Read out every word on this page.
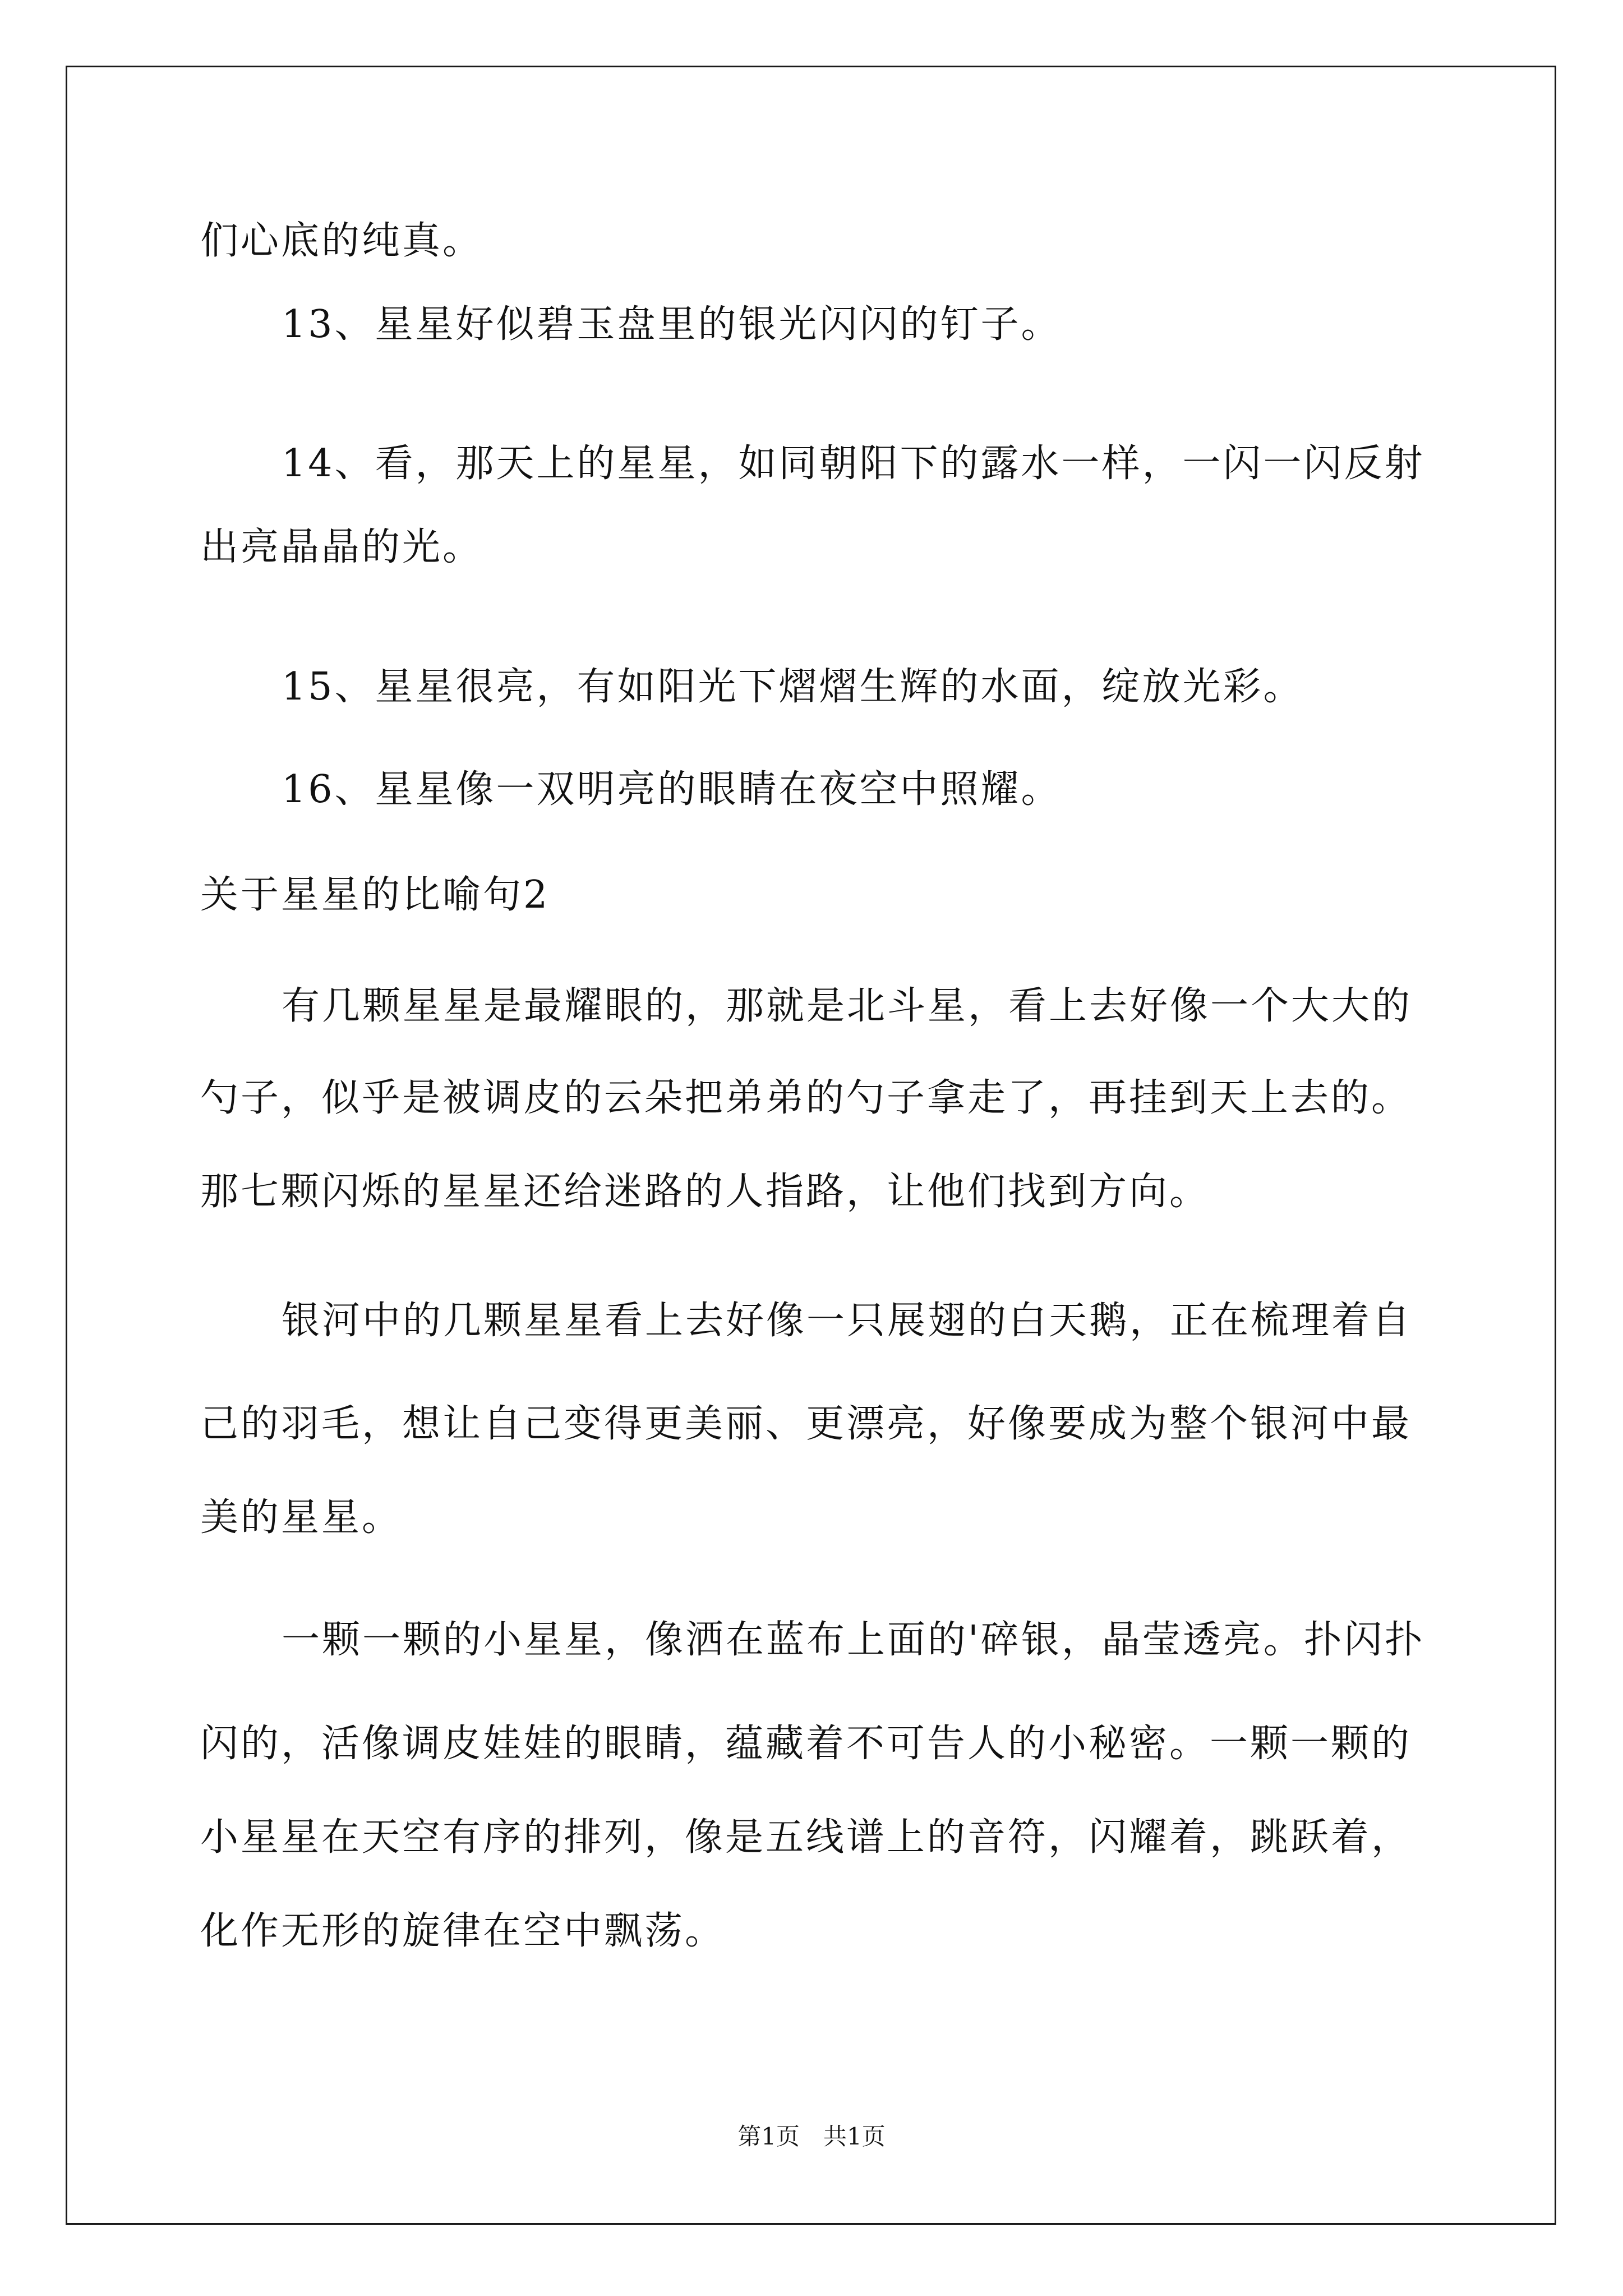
们心底的纯真。
13、星星好似碧玉盘里的银光闪闪的钉子。
14、看，那天上的星星，如同朝阳下的露水一样，一闪一闪反射
出亮晶晶的光。
15、星星很亮，有如阳光下熠熠生辉的水面，绽放光彩。
16、星星像一双明亮的眼睛在夜空中照耀。
关于星星的比喻句2
有几颗星星是最耀眼的，那就是北斗星，看上去好像一个大大的
勺子，似乎是被调皮的云朵把弟弟的勺子拿走了，再挂到天上去的。
那七颗闪烁的星星还给迷路的人指路，让他们找到方向。
银河中的几颗星星看上去好像一只展翅的白天鹅，正在梳理着自
己的羽毛，想让自己变得更美丽、更漂亮，好像要成为整个银河中最
美的星星。
一颗一颗的小星星，像洒在蓝布上面的'碎银，晶莹透亮。扑闪扑
闪的，活像调皮娃娃的眼睛，蕴藏着不可告人的小秘密。一颗一颗的
小星星在天空有序的排列，像是五线谱上的音符，闪耀着，跳跃着，
化作无形的旋律在空中飘荡。
第1页　共1页
